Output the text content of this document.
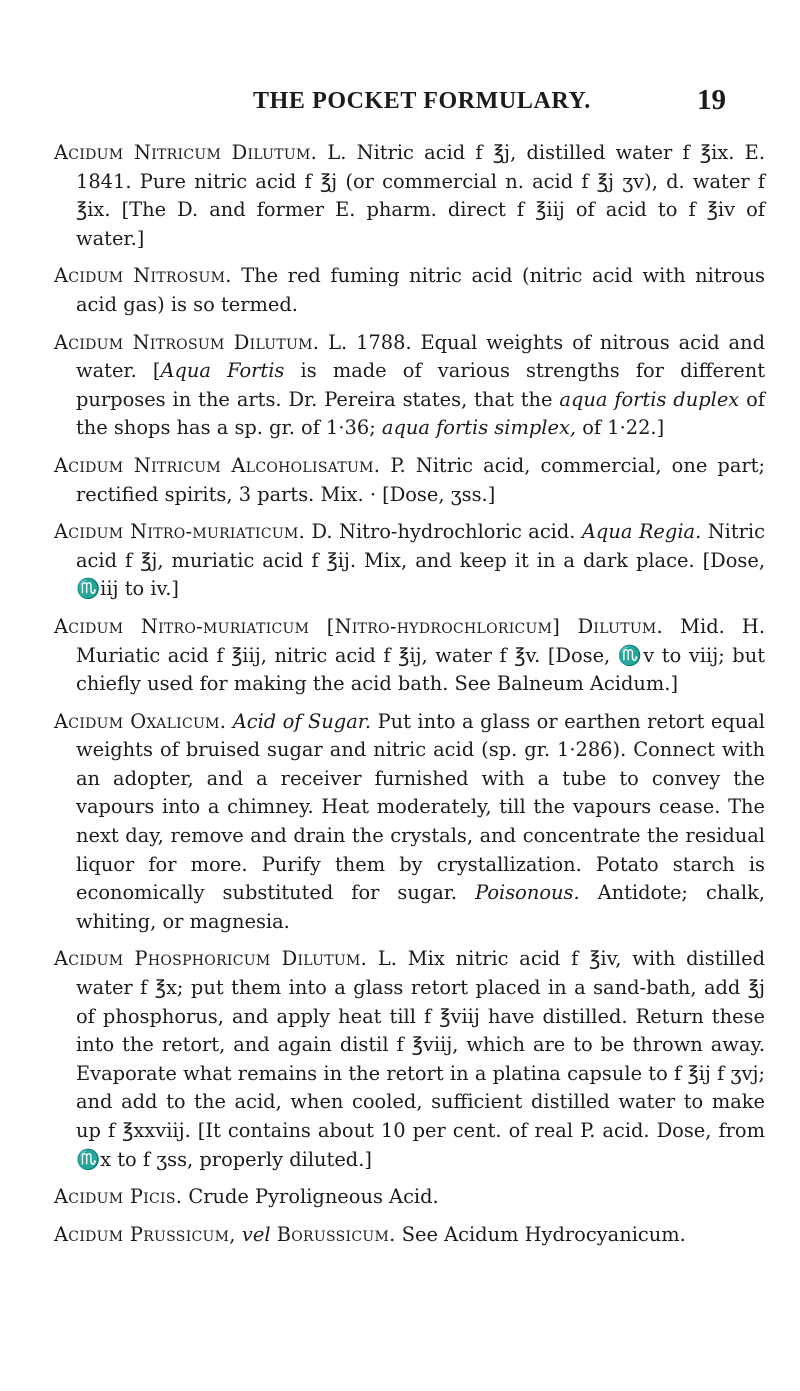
THE POCKET FORMULARY.	19

Acidum Nitricum Dilutum. L. Nitric acid f ℥j, distilled water f ℥ix. E. 1841. Pure nitric acid f ℥j (or commercial n. acid f ℥j ʒv), d. water f ℥ix. [The D. and former E. pharm. direct f ℥iij of acid to f ℥iv of water.]

Acidum Nitrosum. The red fuming nitric acid (nitric acid with nitrous acid gas) is so termed.

Acidum Nitrosum Dilutum. L. 1788. Equal weights of nitrous acid and water. [Aqua Fortis is made of various strengths for different purposes in the arts. Dr. Pereira states, that the aqua fortis duplex of the shops has a sp. gr. of 1·36; aqua fortis simplex, of 1·22.]

Acidum Nitricum Alcoholisatum. P. Nitric acid, commercial, one part; rectified spirits, 3 parts. Mix. · [Dose, ʒss.]

Acidum Nitro-muriaticum. D. Nitro-hydrochloric acid. Aqua Regia. Nitric acid f ℥j, muriatic acid f ℥ij. Mix, and keep it in a dark place. [Dose, ♏iij to iv.]

Acidum Nitro-muriaticum [Nitro-hydrochloricum] Dilutum. Mid. H. Muriatic acid f ℥iij, nitric acid f ℥ij, water f ℥v. [Dose, ♏v to viij; but chiefly used for making the acid bath. See Balneum Acidum.]

Acidum Oxalicum. Acid of Sugar. Put into a glass or earthen retort equal weights of bruised sugar and nitric acid (sp. gr. 1·286). Connect with an adopter, and a receiver furnished with a tube to convey the vapours into a chimney. Heat moderately, till the vapours cease. The next day, remove and drain the crystals, and concentrate the residual liquor for more. Purify them by crystallization. Potato starch is economically substituted for sugar. Poisonous. Antidote; chalk, whiting, or magnesia.

Acidum Phosphoricum Dilutum. L. Mix nitric acid f ℥iv, with distilled water f ℥x; put them into a glass retort placed in a sand-bath, add ℥j of phosphorus, and apply heat till f ℥viij have distilled. Return these into the retort, and again distil f ℥viij, which are to be thrown away. Evaporate what remains in the retort in a platina capsule to f ℥ij f ʒvj; and add to the acid, when cooled, sufficient distilled water to make up f ℥xxviij. [It contains about 10 per cent. of real P. acid. Dose, from ♏x to f ʒss, properly diluted.]

Acidum Picis. Crude Pyroligneous Acid.

Acidum Prussicum, vel Borussicum. See Acidum Hydrocyanicum.
